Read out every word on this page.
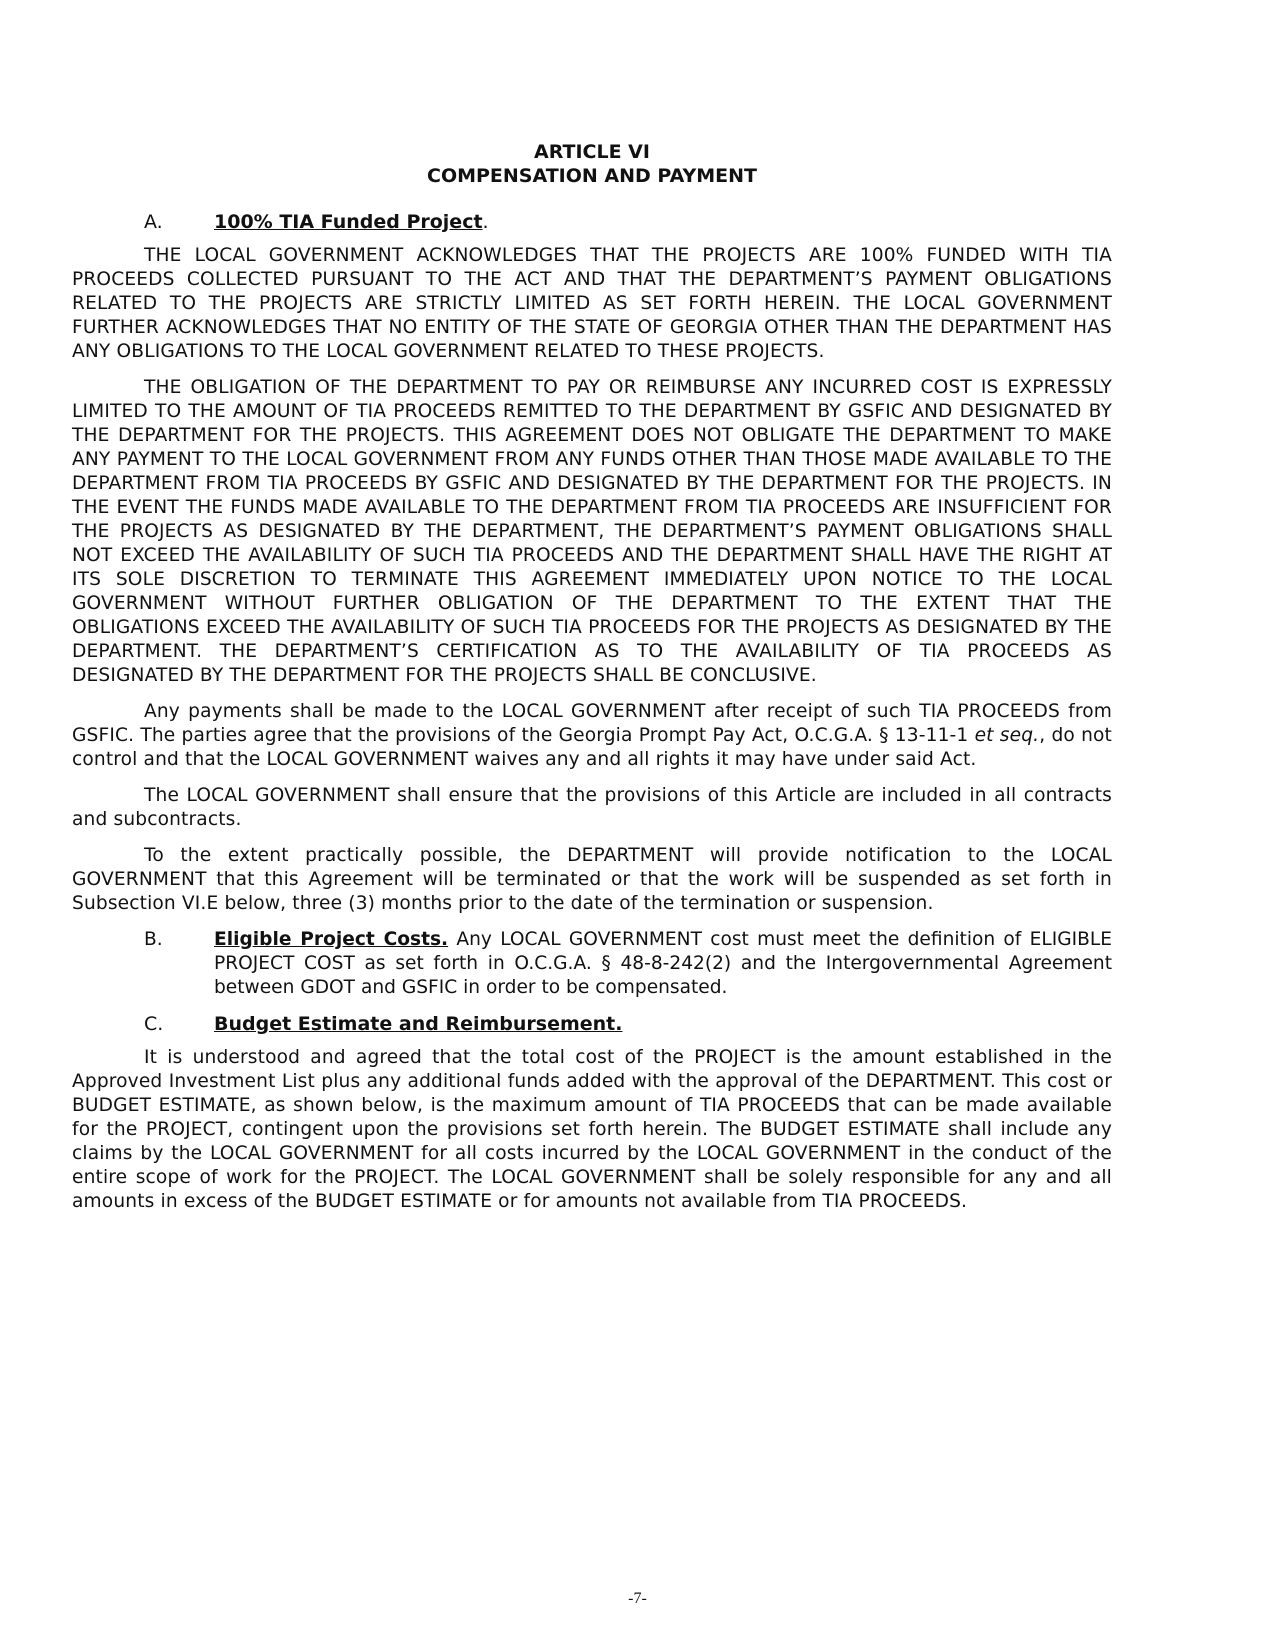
ARTICLE VI
COMPENSATION AND PAYMENT
A.	100% TIA Funded Project.

THE LOCAL GOVERNMENT ACKNOWLEDGES THAT THE PROJECTS ARE 100% FUNDED WITH TIA PROCEEDS COLLECTED PURSUANT TO THE ACT AND THAT THE DEPARTMENT’S PAYMENT OBLIGATIONS RELATED TO THE PROJECTS ARE STRICTLY LIMITED AS SET FORTH HEREIN. THE LOCAL GOVERNMENT FURTHER ACKNOWLEDGES THAT NO ENTITY OF THE STATE OF GEORGIA OTHER THAN THE DEPARTMENT HAS ANY OBLIGATIONS TO THE LOCAL GOVERNMENT RELATED TO THESE PROJECTS.

THE OBLIGATION OF THE DEPARTMENT TO PAY OR REIMBURSE ANY INCURRED COST IS EXPRESSLY LIMITED TO THE AMOUNT OF TIA PROCEEDS REMITTED TO THE DEPARTMENT BY GSFIC AND DESIGNATED BY THE DEPARTMENT FOR THE PROJECTS. THIS AGREEMENT DOES NOT OBLIGATE THE DEPARTMENT TO MAKE ANY PAYMENT TO THE LOCAL GOVERNMENT FROM ANY FUNDS OTHER THAN THOSE MADE AVAILABLE TO THE DEPARTMENT FROM TIA PROCEEDS BY GSFIC AND DESIGNATED BY THE DEPARTMENT FOR THE PROJECTS. IN THE EVENT THE FUNDS MADE AVAILABLE TO THE DEPARTMENT FROM TIA PROCEEDS ARE INSUFFICIENT FOR THE PROJECTS AS DESIGNATED BY THE DEPARTMENT, THE DEPARTMENT’S PAYMENT OBLIGATIONS SHALL NOT EXCEED THE AVAILABILITY OF SUCH TIA PROCEEDS AND THE DEPARTMENT SHALL HAVE THE RIGHT AT ITS SOLE DISCRETION TO TERMINATE THIS AGREEMENT IMMEDIATELY UPON NOTICE TO THE LOCAL GOVERNMENT WITHOUT FURTHER OBLIGATION OF THE DEPARTMENT TO THE EXTENT THAT THE OBLIGATIONS EXCEED THE AVAILABILITY OF SUCH TIA PROCEEDS FOR THE PROJECTS AS DESIGNATED BY THE DEPARTMENT. THE DEPARTMENT’S CERTIFICATION AS TO THE AVAILABILITY OF TIA PROCEEDS AS DESIGNATED BY THE DEPARTMENT FOR THE PROJECTS SHALL BE CONCLUSIVE.

Any payments shall be made to the LOCAL GOVERNMENT after receipt of such TIA PROCEEDS from GSFIC. The parties agree that the provisions of the Georgia Prompt Pay Act, O.C.G.A. § 13-11-1 et seq., do not control and that the LOCAL GOVERNMENT waives any and all rights it may have under said Act.

The LOCAL GOVERNMENT shall ensure that the provisions of this Article are included in all contracts and subcontracts.

To the extent practically possible, the DEPARTMENT will provide notification to the LOCAL GOVERNMENT that this Agreement will be terminated or that the work will be suspended as set forth in Subsection VI.E below, three (3) months prior to the date of the termination or suspension.

B.	Eligible Project Costs. Any LOCAL GOVERNMENT cost must meet the definition of ELIGIBLE PROJECT COST as set forth in O.C.G.A. § 48-8-242(2) and the Intergovernmental Agreement between GDOT and GSFIC in order to be compensated.
C.	Budget Estimate and Reimbursement.

It is understood and agreed that the total cost of the PROJECT is the amount established in the Approved Investment List plus any additional funds added with the approval of the DEPARTMENT. This cost or BUDGET ESTIMATE, as shown below, is the maximum amount of TIA PROCEEDS that can be made available for the PROJECT, contingent upon the provisions set forth herein. The BUDGET ESTIMATE shall include any claims by the LOCAL GOVERNMENT for all costs incurred by the LOCAL GOVERNMENT in the conduct of the entire scope of work for the PROJECT. The LOCAL GOVERNMENT shall be solely responsible for any and all amounts in excess of the BUDGET ESTIMATE or for amounts not available from TIA PROCEEDS.

-7-
